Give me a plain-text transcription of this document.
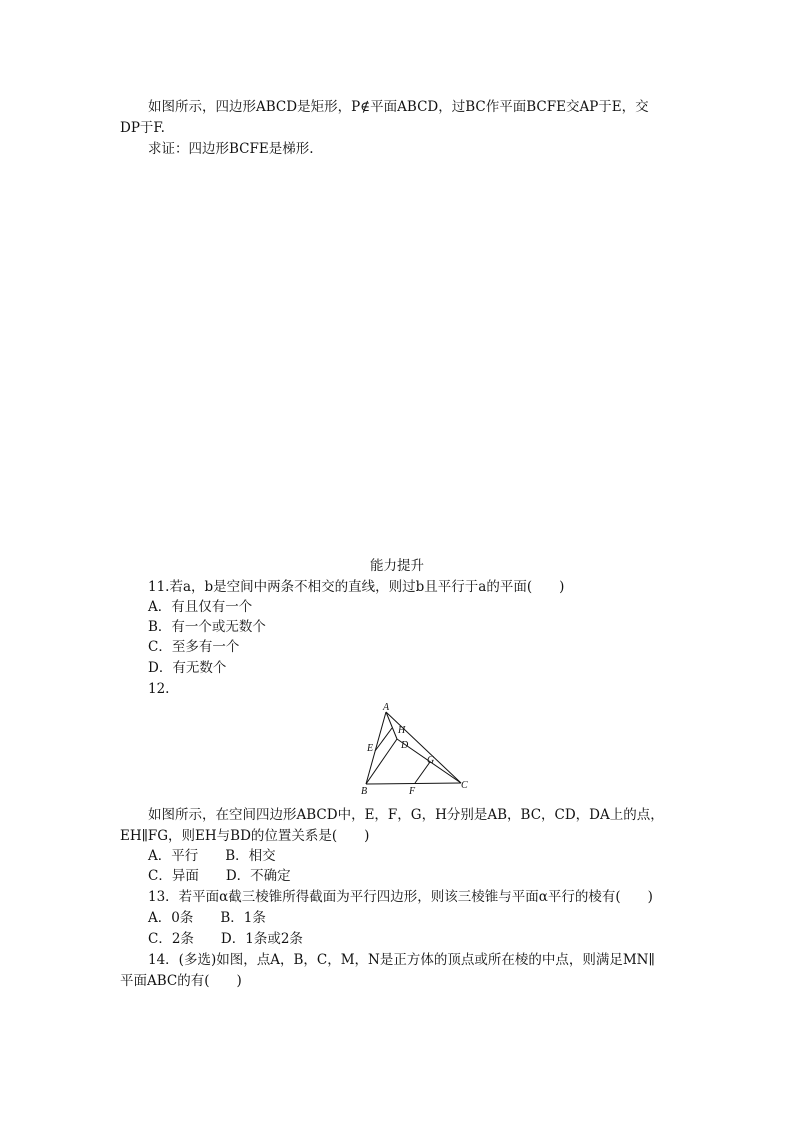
如图所示，四边形ABCD是矩形，P∉平面ABCD，过BC作平面BCFE交AP于E，交
DP于F.
求证：四边形BCFE是梯形.
能力提升
11.若a，b是空间中两条不相交的直线，则过b且平行于a的平面(　　)
A．有且仅有一个
B．有一个或无数个
C．至多有一个
D．有无数个
12.
A
H
E	D
G
B	F
C
如图所示，在空间四边形ABCD中，E，F，G，H分别是AB，BC，CD，DA上的点，
EH∥FG，则EH与BD的位置关系是(　　)
A．平行　　B．相交
C．异面　　D．不确定
13．若平面α截三棱锥所得截面为平行四边形，则该三棱锥与平面α平行的棱有(　　)
A．0条　　B．1条
C．2条　　D．1条或2条
14．(多选)如图，点A，B，C，M，N是正方体的顶点或所在棱的中点，则满足MN∥
平面ABC的有(　　)
